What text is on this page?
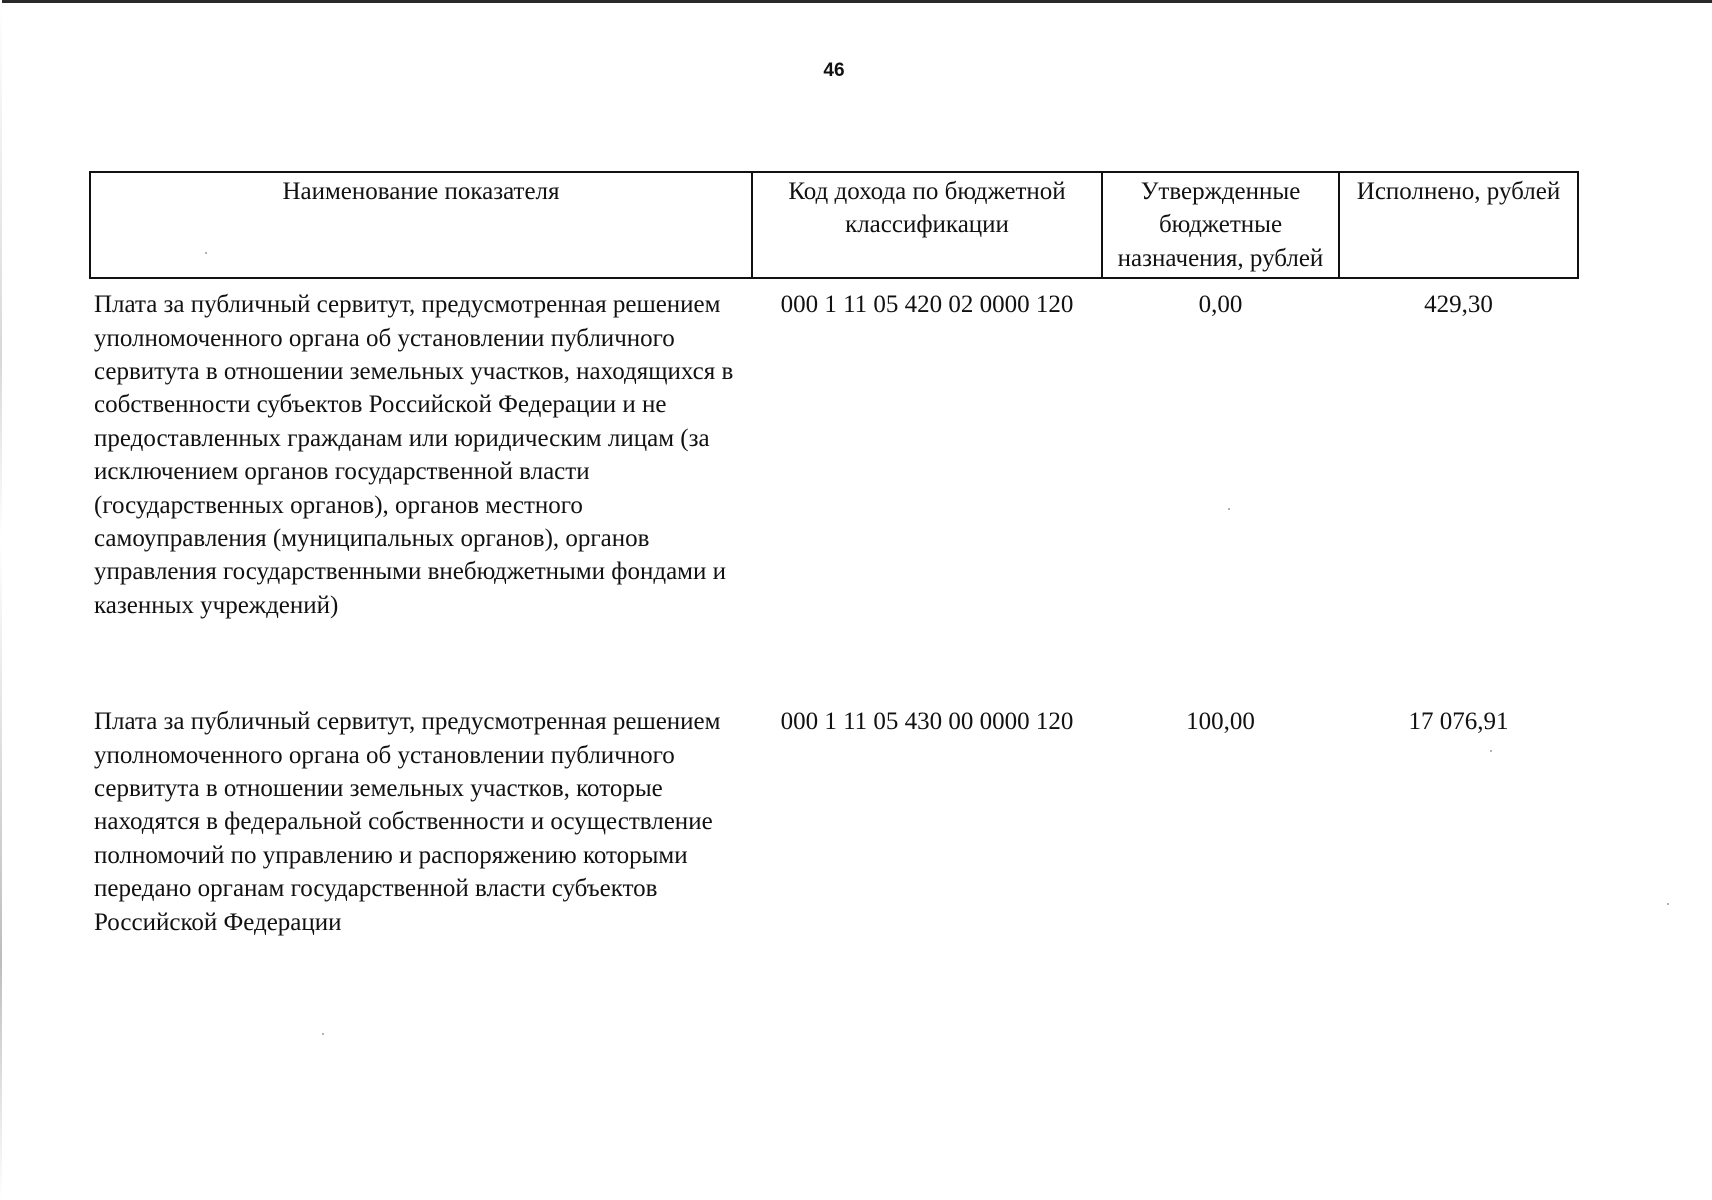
46
Наименование показателя	Код дохода по бюджетной классификации	Утвержденные бюджетные назначения, рублей	Исполнено, рублей
Плата за публичный сервитут, предусмотренная решением уполномоченного органа об установлении публичного сервитута в отношении земельных участков, находящихся в собственности субъектов Российской Федерации и не предоставленных гражданам или юридическим лицам (за исключением органов государственной власти (государственных органов), органов местного самоуправления (муниципальных органов), органов управления государственными внебюджетными фондами и казенных учреждений)	000 1 11 05 420 02 0000 120	0,00	429,30
Плата за публичный сервитут, предусмотренная решением уполномоченного органа об установлении публичного сервитута в отношении земельных участков, которые находятся в федеральной собственности и осуществление полномочий по управлению и распоряжению которыми передано органам государственной власти субъектов Российской Федерации	000 1 11 05 430 00 0000 120	100,00	17 076,91
